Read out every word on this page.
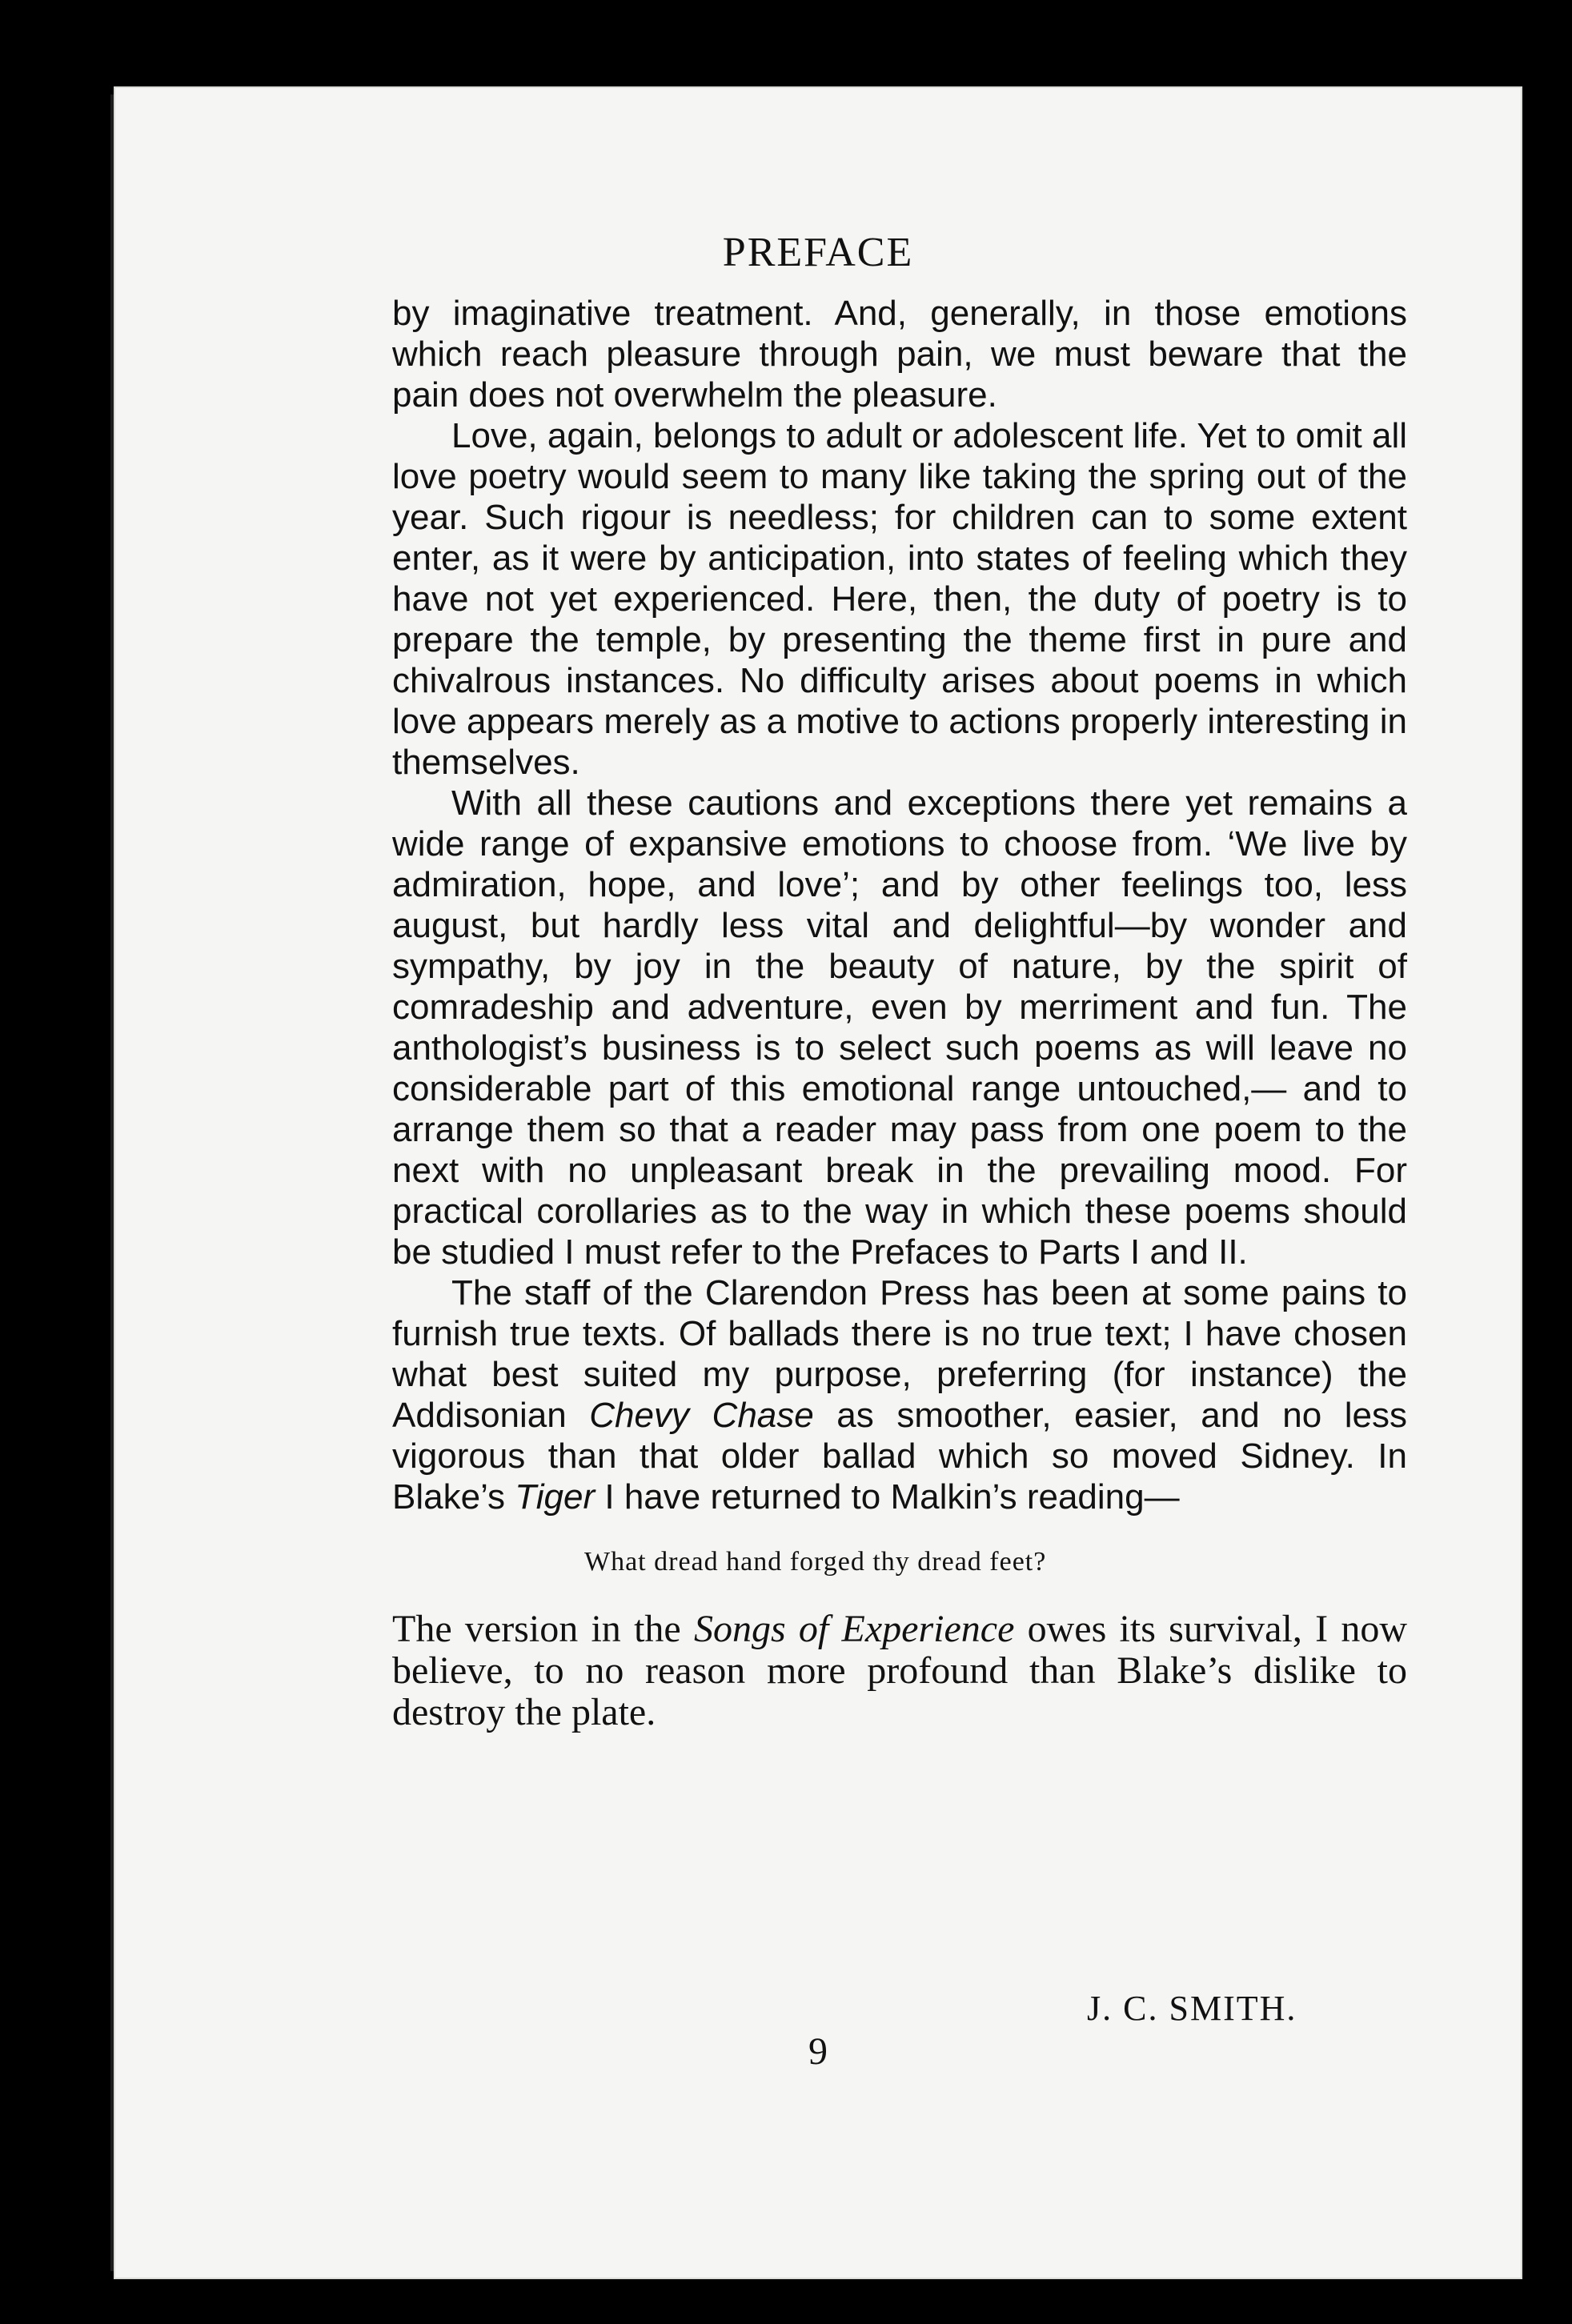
PREFACE

by imaginative treatment. And, generally, in those emotions which reach pleasure through pain, we must beware that the pain does not overwhelm the pleasure.

Love, again, belongs to adult or adolescent life. Yet to omit all love poetry would seem to many like taking the spring out of the year. Such rigour is needless; for children can to some extent enter, as it were by anticipation, into states of feeling which they have not yet experienced. Here, then, the duty of poetry is to prepare the temple, by presenting the theme first in pure and chivalrous instances. No difficulty arises about poems in which love appears merely as a motive to actions properly interesting in themselves.

With all these cautions and exceptions there yet remains a wide range of expansive emotions to choose from. ‘We live by admiration, hope, and love’; and by other feelings too, less august, but hardly less vital and delightful—by wonder and sympathy, by joy in the beauty of nature, by the spirit of comradeship and adventure, even by merriment and fun. The anthologist’s business is to select such poems as will leave no considerable part of this emotional range untouched,— and to arrange them so that a reader may pass from one poem to the next with no unpleasant break in the prevailing mood. For practical corollaries as to the way in which these poems should be studied I must refer to the Prefaces to Parts I and II.

The staff of the Clarendon Press has been at some pains to furnish true texts. Of ballads there is no true text; I have chosen what best suited my purpose, preferring (for instance) the Addisonian Chevy Chase as smoother, easier, and no less vigorous than that older ballad which so moved Sidney. In Blake’s Tiger I have returned to Malkin’s reading—

What dread hand forged thy dread feet?

The version in the Songs of Experience owes its survival, I now believe, to no reason more profound than Blake’s dislike to destroy the plate.

J. C. SMITH.
9
